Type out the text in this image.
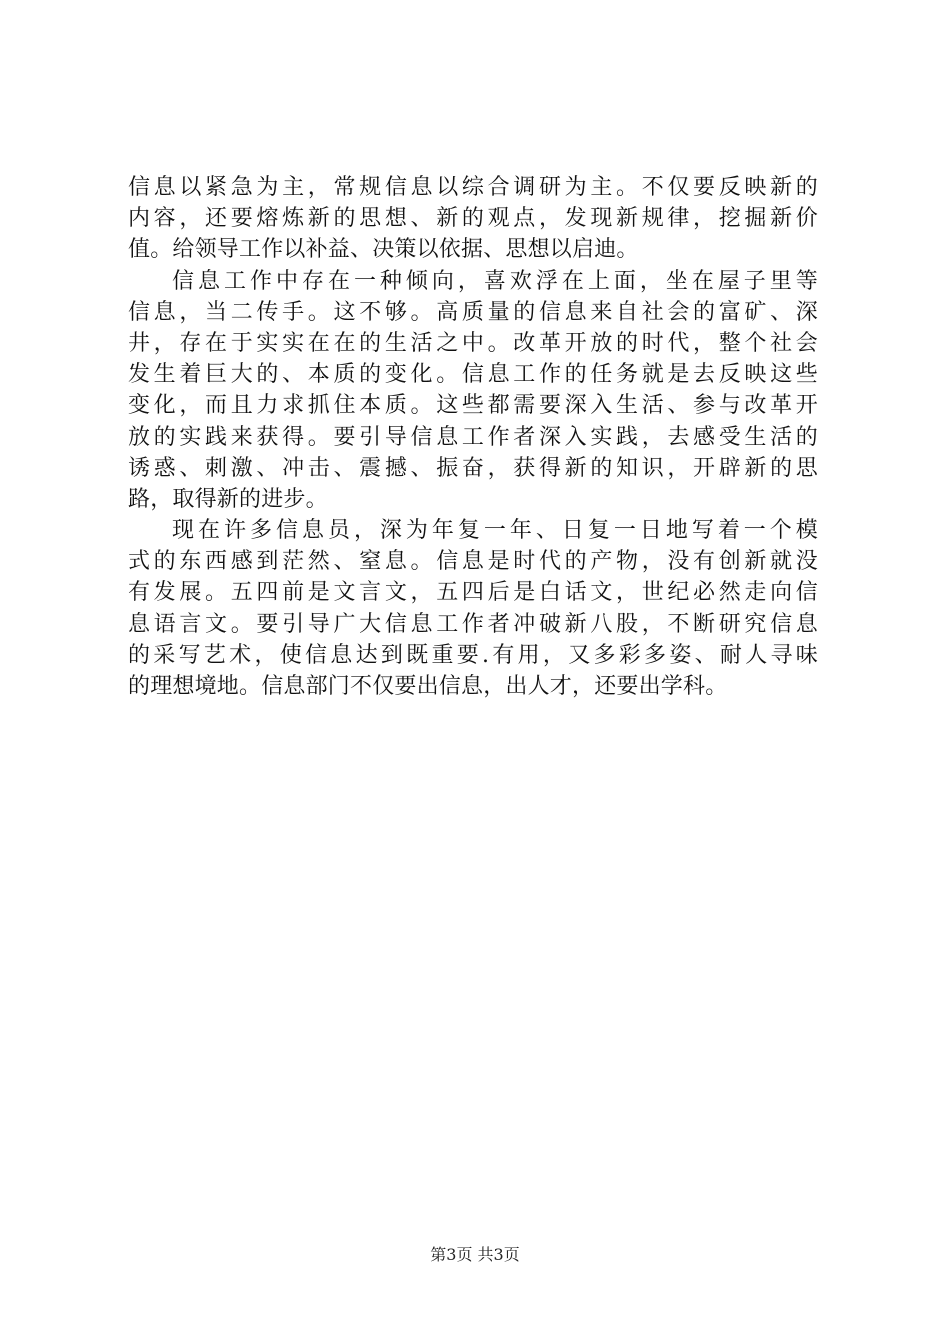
信息以紧急为主，常规信息以综合调研为主。不仅要反映新的
内容，还要熔炼新的思想、新的观点，发现新规律，挖掘新价
值。给领导工作以补益、决策以依据、思想以启迪。
信息工作中存在一种倾向，喜欢浮在上面，坐在屋子里等
信息，当二传手。这不够。高质量的信息来自社会的富矿、深
井，存在于实实在在的生活之中。改革开放的时代，整个社会
发生着巨大的、本质的变化。信息工作的任务就是去反映这些
变化，而且力求抓住本质。这些都需要深入生活、参与改革开
放的实践来获得。要引导信息工作者深入实践，去感受生活的
诱惑、刺激、冲击、震撼、振奋，获得新的知识，开辟新的思
路，取得新的进步。
现在许多信息员，深为年复一年、日复一日地写着一个模
式的东西感到茫然、窒息。信息是时代的产物，没有创新就没
有发展。五四前是文言文，五四后是白话文，世纪必然走向信
息语言文。要引导广大信息工作者冲破新八股，不断研究信息
的采写艺术，使信息达到既重要.有用，又多彩多姿、耐人寻味
的理想境地。信息部门不仅要出信息，出人才，还要出学科。
第3页 共3页
